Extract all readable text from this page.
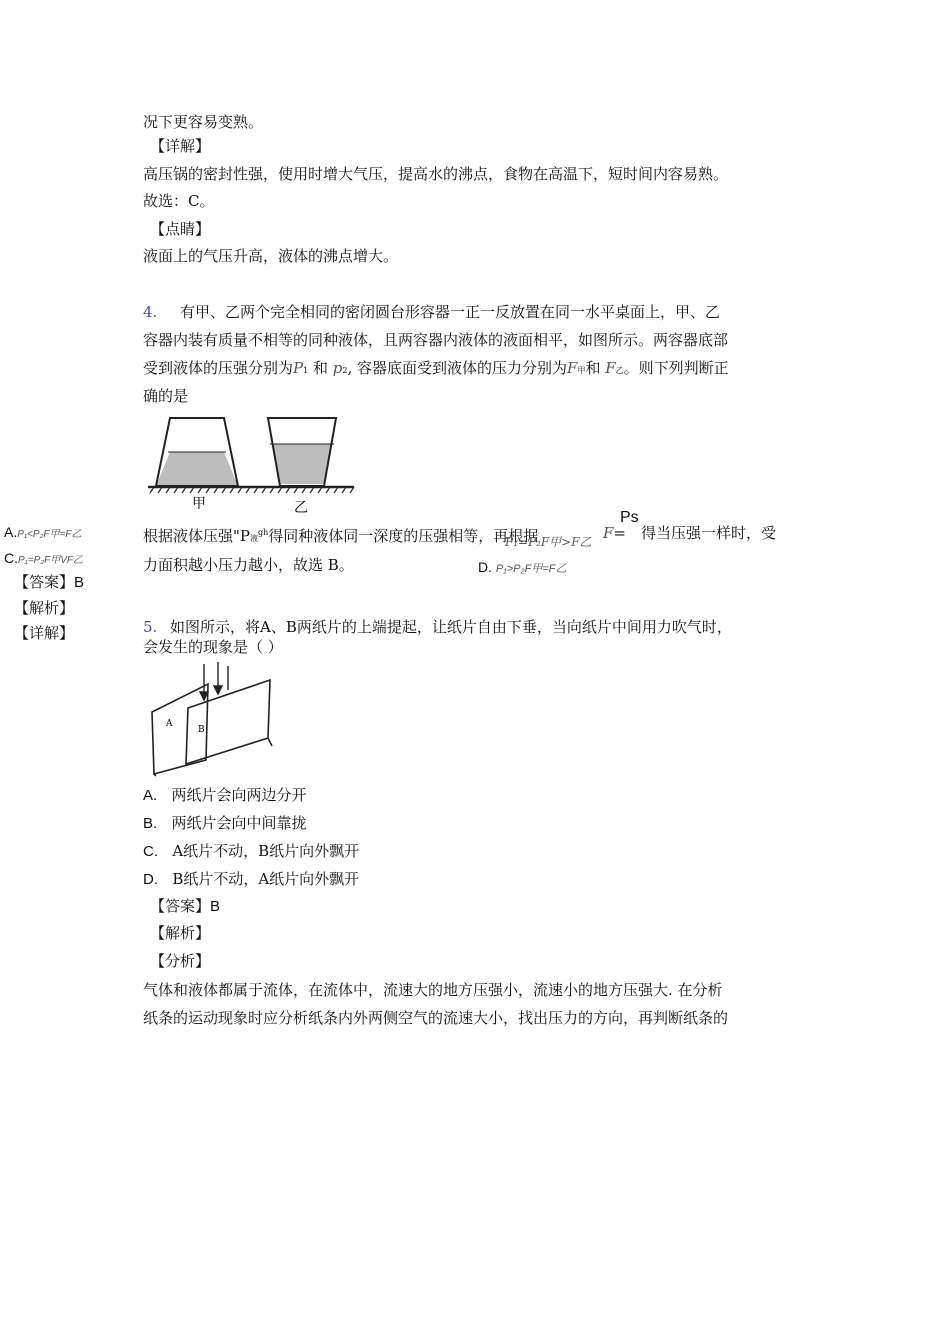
况下更容易变熟。
【详解】
高压锅的密封性强，使用时增大气压，提高水的沸点，食物在高温下，短时间内容易熟。
故选：C。
【点睛】
液面上的气压升高，液体的沸点增大。
4. 有甲、乙两个完全相同的密闭圆台形容器一正一反放置在同一水平桌面上，甲、乙
容器内装有质量不相等的同种液体，且两容器内液体的液面相平，如图所示。两容器底部
受到液体的压强分别为P1 和 p2, 容器底面受到液体的压力分别为F甲和 F乙。则下列判断正
确的是
甲	乙
A.P₁<P₂F甲=F乙
C.P₁=P₂F甲VF乙
【答案】B
【解析】
【详解】
根据液体压强"P液$^{gh}$得同种液体同一深度的压强相等，再根据	F=
Ps
得当压强一样时，受
P₁=P₂F甲>F乙
力面积越小压力越小，故选 B。	D. P₁>P₂F甲=F乙
5. 如图所示，将A、B两纸片的上端提起，让纸片自由下垂，当向纸片中间用力吹气时，
会发生的现象是（ ）
A
B
A. 两纸片会向两边分开
B. 两纸片会向中间靠拢
C. A纸片不动，B纸片向外飘开
D. B纸片不动，A纸片向外飘开
【答案】B
【解析】
【分析】
气体和液体都属于流体，在流体中，流速大的地方压强小，流速小的地方压强大. 在分析
纸条的运动现象时应分析纸条内外两侧空气的流速大小，找出压力的方向，再判断纸条的
